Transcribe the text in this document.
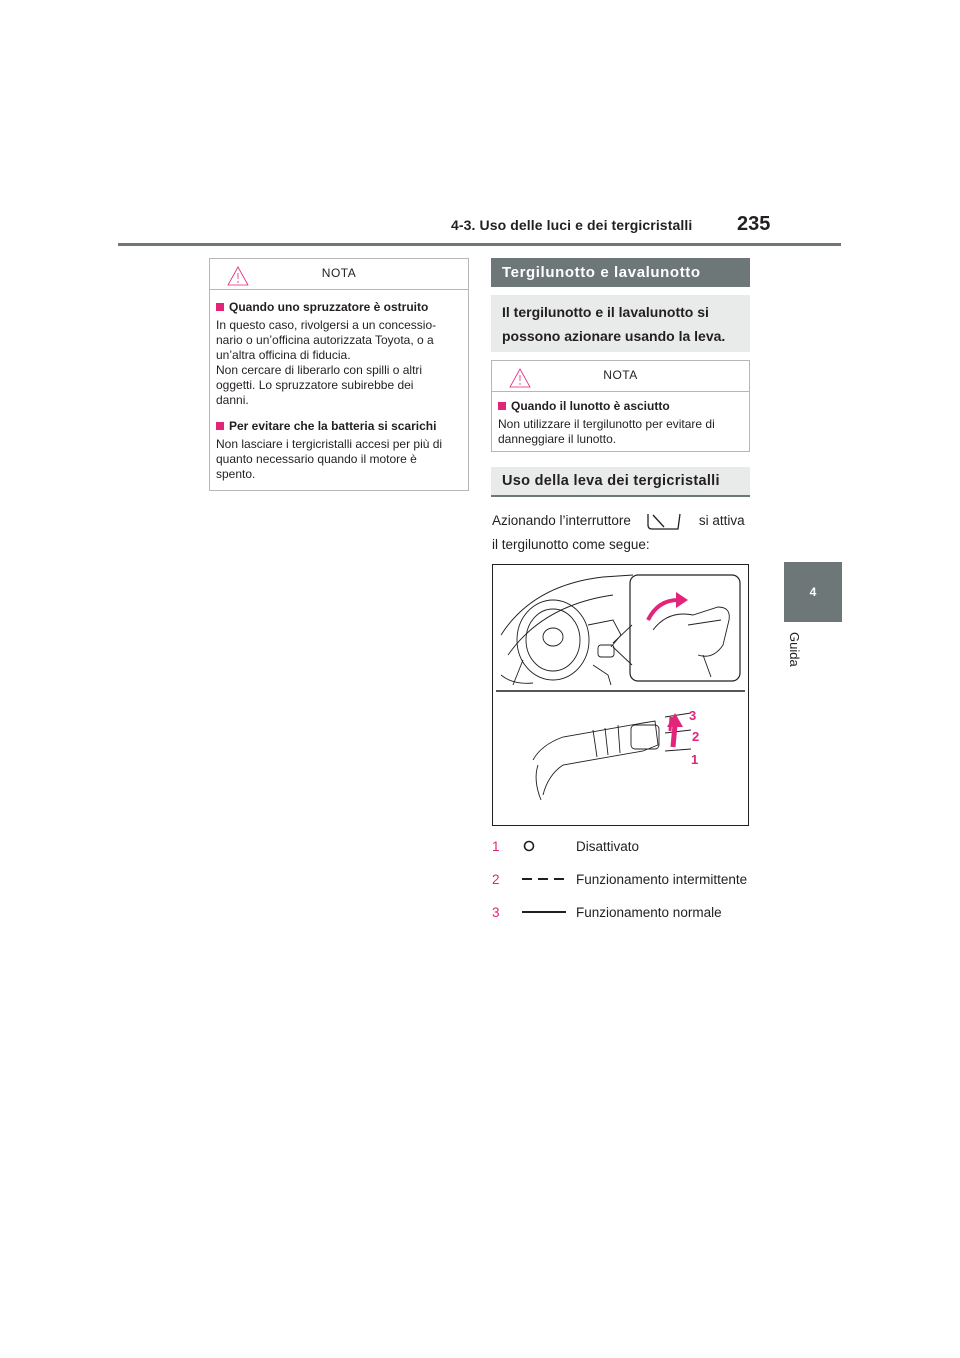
4-3. Uso delle luci e dei tergicristalli 235
4
Guida
NOTA
Quando uno spruzzatore è ostruito

In questo caso, rivolgersi a un concessio-

nario o un’officina autorizzata Toyota, o a

un’altra officina di fiducia.

Non cercare di liberarlo con spilli o altri

oggetti. Lo spruzzatore subirebbe dei

danni.

Per evitare che la batteria si scarichi

Non lasciare i tergicristalli accesi per più di

quanto necessario quando il motore è

spento.

Tergilunotto e lavalunotto
Il tergilunotto e il lavalunotto si
possono azionare usando la leva.
NOTA
Quando il lunotto è asciutto

Non utilizzare il tergilunotto per evitare di

danneggiare il lunotto.

Uso della leva dei tergicristalli
Azionando l’interruttore	si attiva
il tergilunotto come segue:
3
2
1
1	Disattivato
2	Funzionamento intermittente
3	Funzionamento normale
